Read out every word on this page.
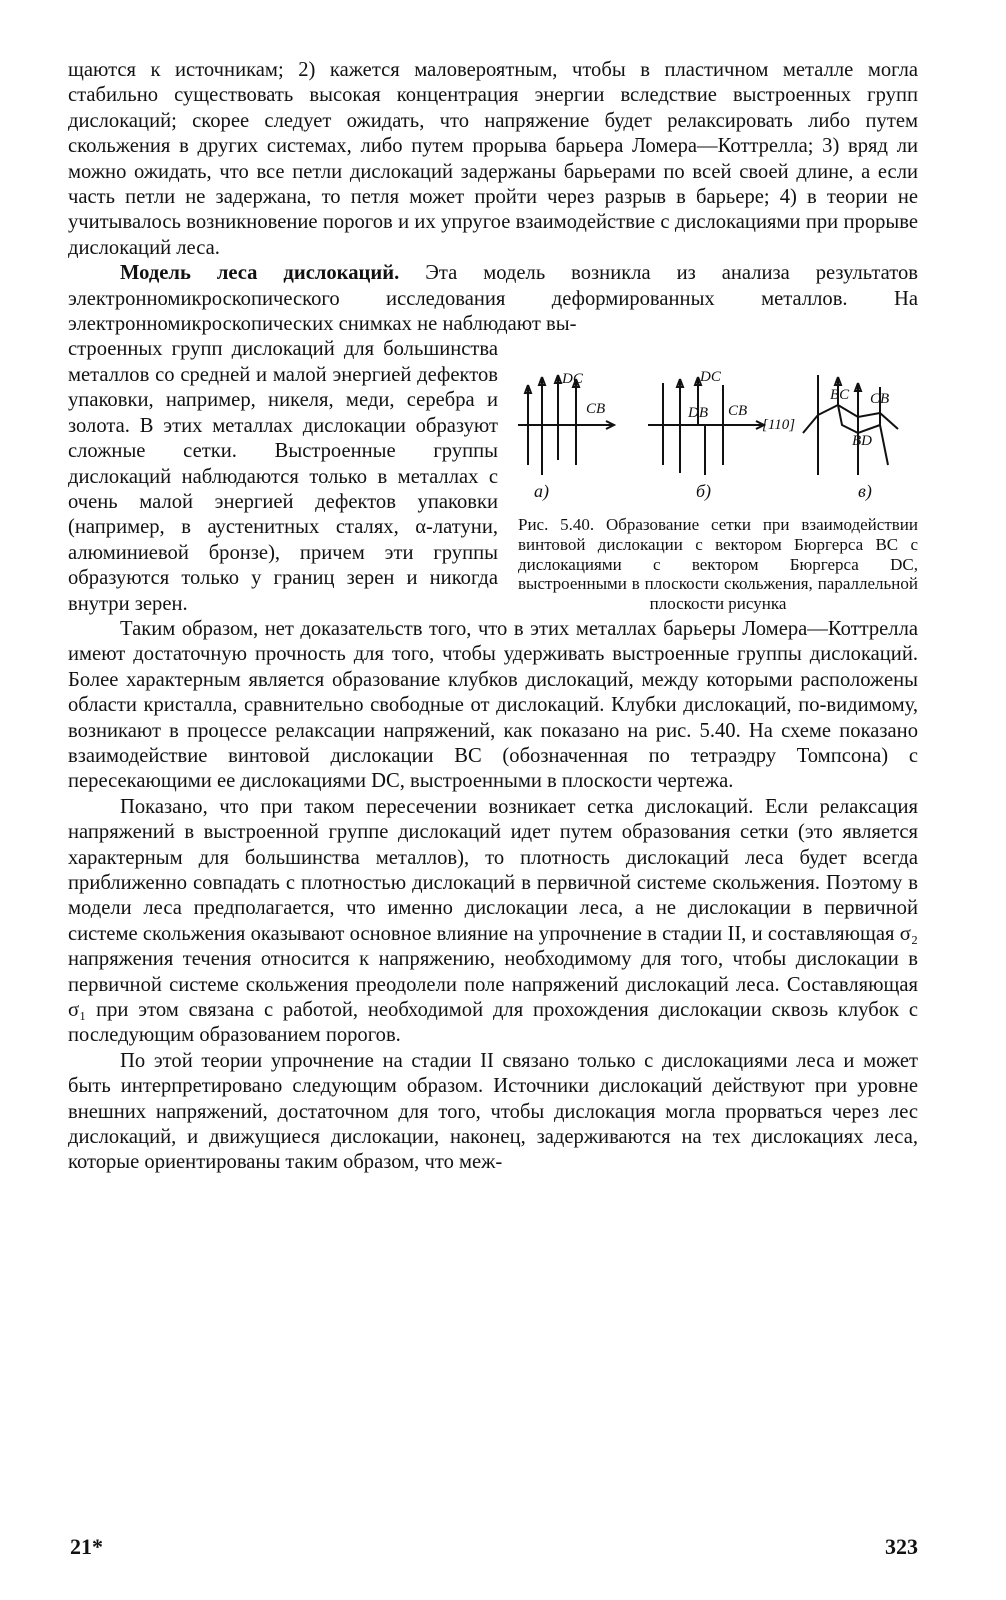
щаются к источникам; 2) кажется маловероятным, чтобы в пластичном металле могла стабильно существовать высокая концентрация энергии вследствие выстроенных групп дислокаций; скорее следует ожидать, что напряжение будет релаксировать либо путем скольжения в других системах, либо путем прорыва барьера Ломера—Коттрелла; 3) вряд ли можно ожидать, что все петли дислокаций задержаны барьерами по всей своей длине, а если часть петли не задержана, то петля может пройти через разрыв в барьере; 4) в теории не учитывалось возникновение порогов и их упругое взаимодействие с дислокациями при прорыве дислокаций леса.

Модель леса дислокаций. Эта модель возникла из анализа результатов электронномикроскопического исследования деформированных металлов. На электронномикроскопических снимках не наблюдают вы-

строенных групп дислокаций для большинства металлов со средней и малой энергией дефектов упаковки, например, никеля, меди, серебра и золота. В этих металлах дислокации образуют сложные сетки. Выстроенные группы дислокаций наблюдаются только в металлах с очень малой энергией дефектов упаковки (например, в аустенитных сталях, α-латуни, алюминиевой бронзе), причем эти группы образуются только у границ зерен и никогда внутри зерен.

DC
CB
DC
DB CB
[110]
BC CB
BD
а)	б)	в)
Рис. 5.40. Образование сетки при взаимодействии винтовой дислокации с вектором Бюргерса BC с дислокациями с вектором Бюргерса DC, выстроенными в плоскости скольжения, параллельной плоскости рисунка

Таким образом, нет доказательств того, что в этих металлах барьеры Ломера—Коттрелла имеют достаточную прочность для того, чтобы удерживать выстроенные группы дислокаций. Более характерным является образование клубков дислокаций, между которыми расположены области кристалла, сравнительно свободные от дислокаций. Клубки дислокаций, по-видимому, возникают в процессе релаксации напряжений, как показано на рис. 5.40. На схеме показано взаимодействие винтовой дислокации BC (обозначенная по тетраэдру Томпсона) с пересекающими ее дислокациями DC, выстроенными в плоскости чертежа.

Показано, что при таком пересечении возникает сетка дислокаций. Если релаксация напряжений в выстроенной группе дислокаций идет путем образования сетки (это является характерным для большинства металлов), то плотность дислокаций леса будет всегда приближенно совпадать с плотностью дислокаций в первичной системе скольжения. Поэтому в модели леса предполагается, что именно дислокации леса, а не дислокации в первичной системе скольжения оказывают основное влияние на упрочнение в стадии II, и составляющая σ₂ напряжения течения относится к напряжению, необходимому для того, чтобы дислокации в первичной системе скольжения преодолели поле напряжений дислокаций леса. Составляющая σ₁ при этом связана с работой, необходимой для прохождения дислокации сквозь клубок с последующим образованием порогов.

По этой теории упрочнение на стадии II связано только с дислокациями леса и может быть интерпретировано следующим образом. Источники дислокаций действуют при уровне внешних напряжений, достаточном для того, чтобы дислокация могла прорваться через лес дислокаций, и движущиеся дислокации, наконец, задерживаются на тех дислокациях леса, которые ориентированы таким образом, что меж-

21*	323
